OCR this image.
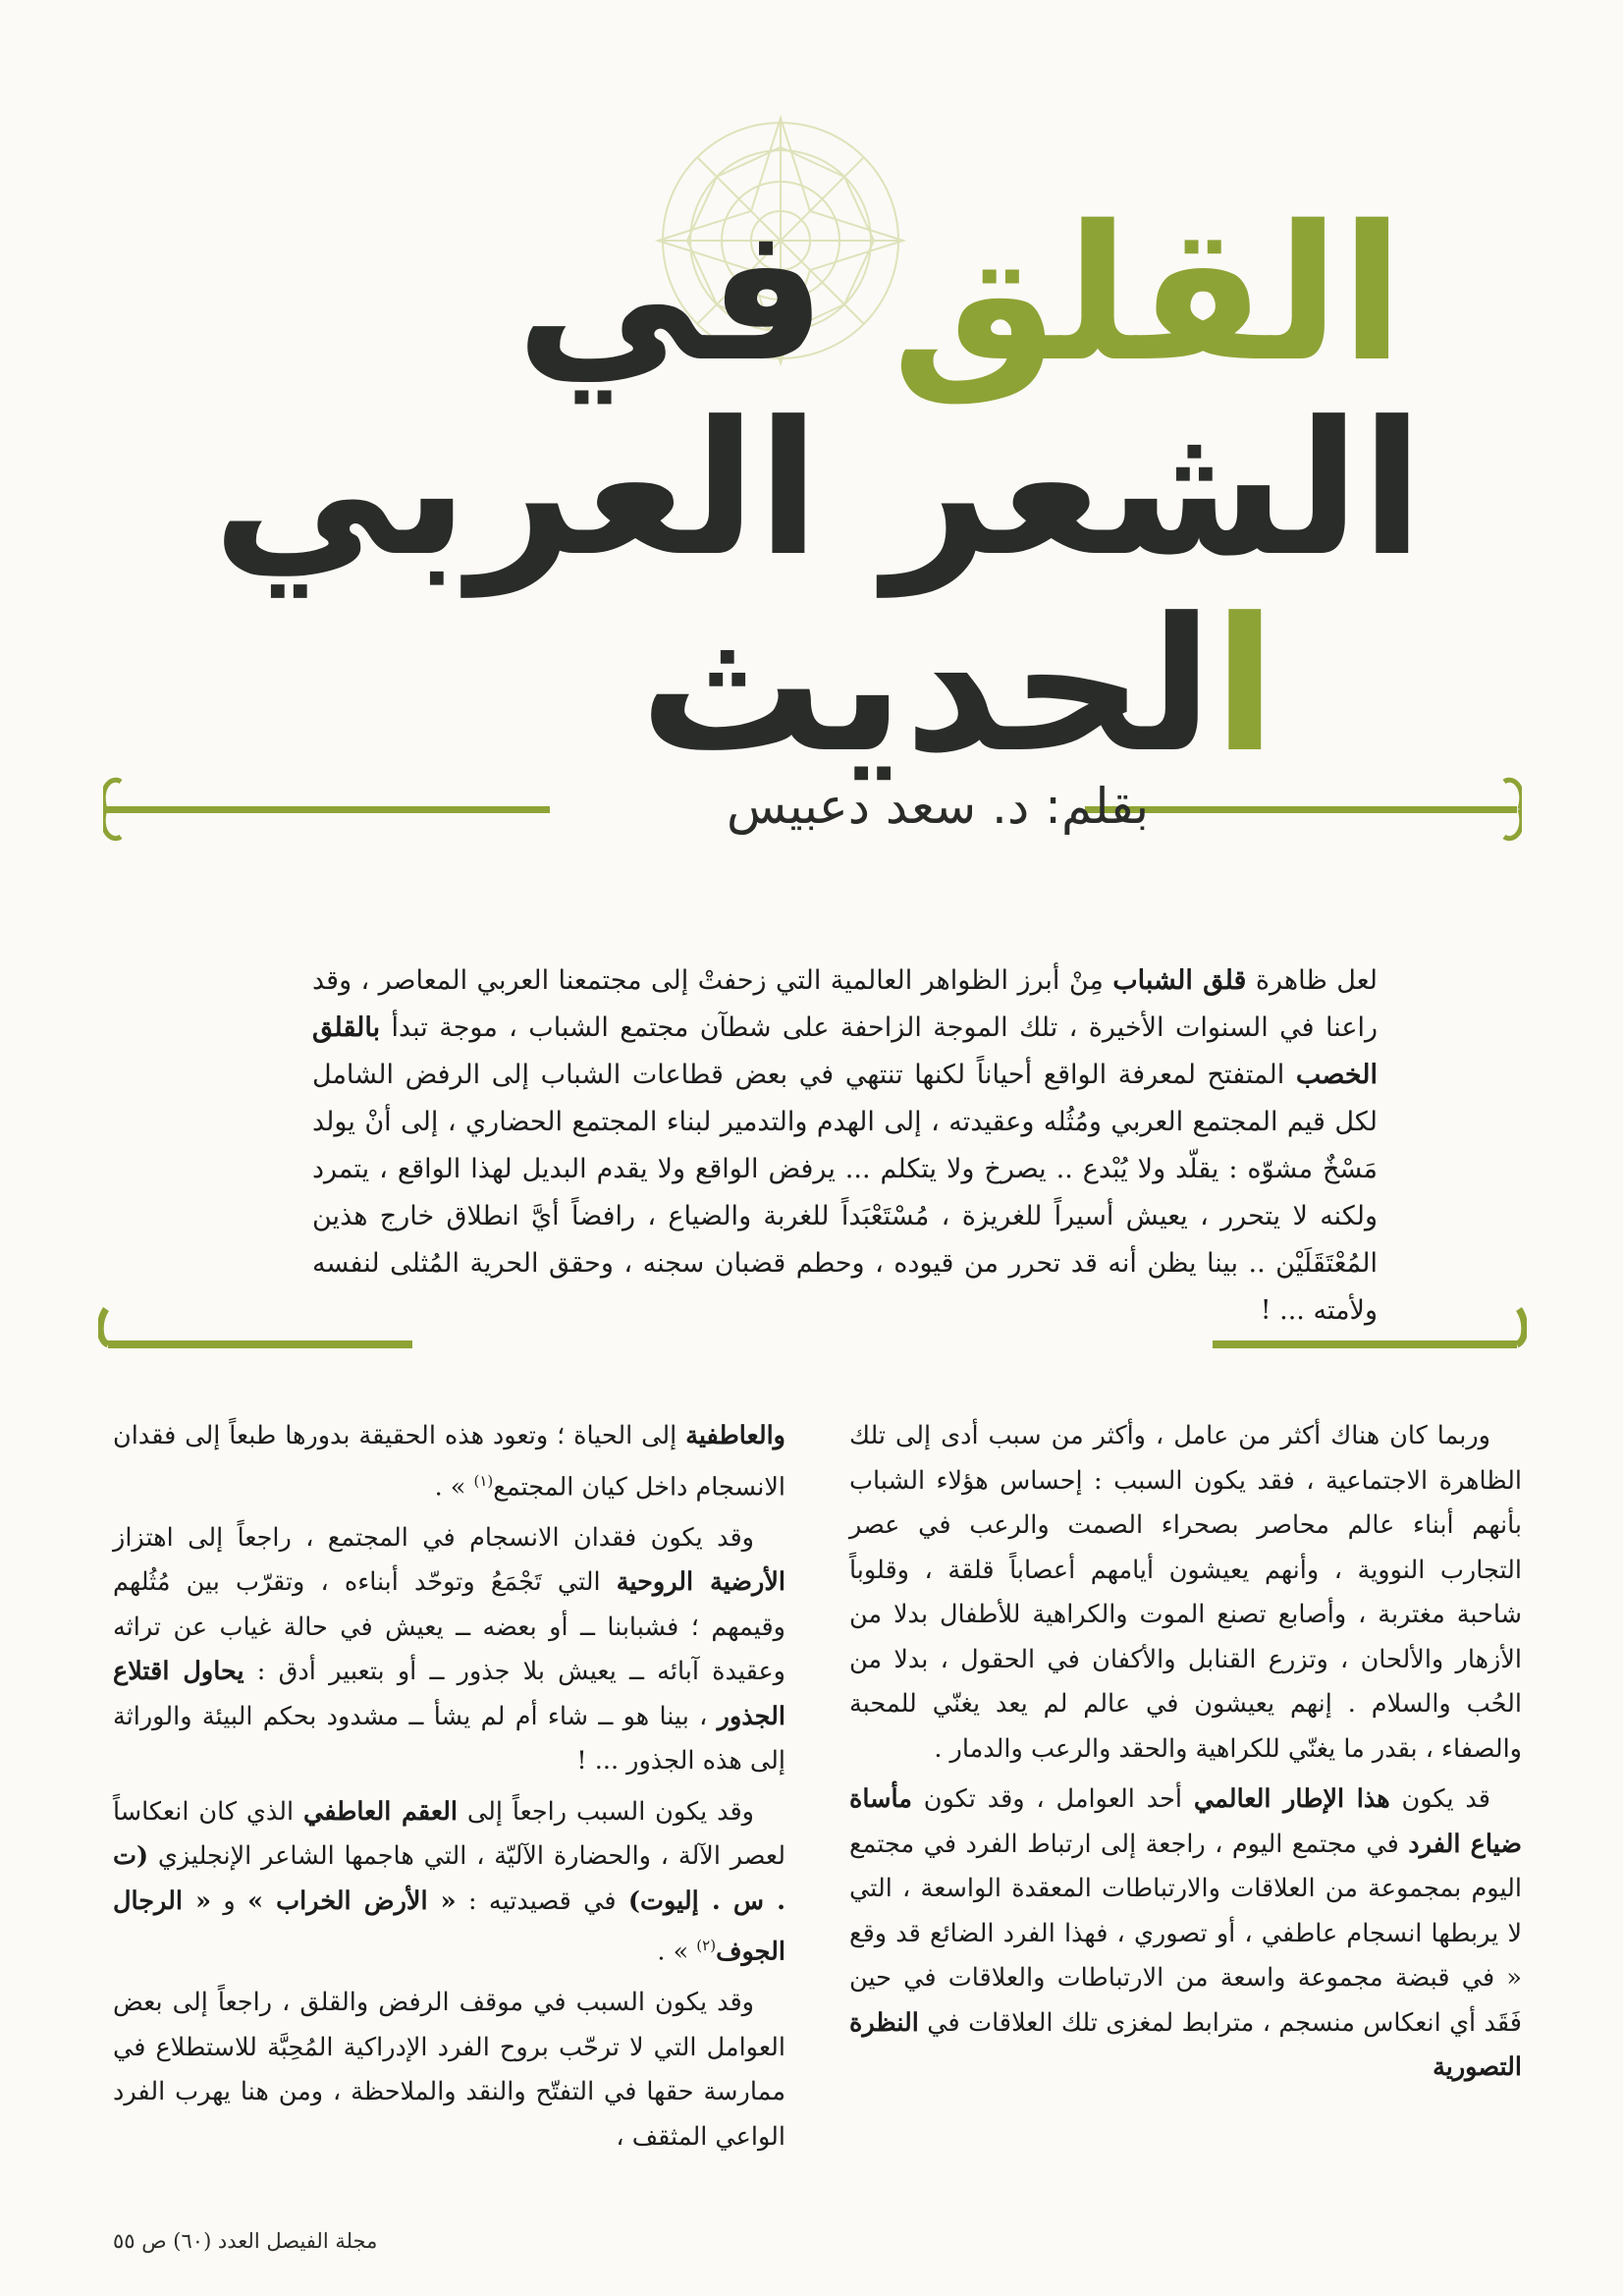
القلق في
الشعر العربي
الحديث
بقلم: د. سعد دعبيس

لعل ظاهرة قلق الشباب مِنْ أبرز الظواهر العالمية التي زحفتْ إلى مجتمعنا العربي المعاصر ، وقد راعنا في السنوات الأخيرة ، تلك الموجة الزاحفة على شطآن مجتمع الشباب ، موجة تبدأ بالقلق الخصب المتفتح لمعرفة الواقع أحياناً لكنها تنتهي في بعض قطاعات الشباب إلى الرفض الشامل لكل قيم المجتمع العربي ومُثُله وعقيدته ، إلى الهدم والتدمير لبناء المجتمع الحضاري ، إلى أنْ يولد مَسْخٌ مشوّه : يقلّد ولا يُبْدع .. يصرخ ولا يتكلم ... يرفض الواقع ولا يقدم البديل لهذا الواقع ، يتمرد ولكنه لا يتحرر ، يعيش أسيراً للغريزة ، مُسْتَعْبَداً للغربة والضياع ، رافضاً أيَّ انطلاق خارج هذين المُعْتَقَلَيْن .. بينا يظن أنه قد تحرر من قيوده ، وحطم قضبان سجنه ، وحقق الحرية المُثلى لنفسه ولأمته ... !

وربما كان هناك أكثر من عامل ، وأكثر من سبب أدى إلى تلك الظاهرة الاجتماعية ، فقد يكون السبب : إحساس هؤلاء الشباب بأنهم أبناء عالم محاصر بصحراء الصمت والرعب في عصر التجارب النووية ، وأنهم يعيشون أيامهم أعصاباً قلقة ، وقلوباً شاحبة مغتربة ، وأصابع تصنع الموت والكراهية للأطفال بدلا من الأزهار والألحان ، وتزرع القنابل والأكفان في الحقول ، بدلا من الحُب والسلام . إنهم يعيشون في عالم لم يعد يغنّي للمحبة والصفاء ، بقدر ما يغنّي للكراهية والحقد والرعب والدمار .

قد يكون هذا الإطار العالمي أحد العوامل ، وقد تكون مأساة ضياع الفرد في مجتمع اليوم ، راجعة إلى ارتباط الفرد في مجتمع اليوم بمجموعة من العلاقات والارتباطات المعقدة الواسعة ، التي لا يربطها انسجام عاطفي ، أو تصوري ، فهذا الفرد الضائع قد وقع « في قبضة مجموعة واسعة من الارتباطات والعلاقات في حين فَقَد أي انعكاس منسجم ، مترابط لمغزى تلك العلاقات في النظرة التصورية

والعاطفية إلى الحياة ؛ وتعود هذه الحقيقة بدورها طبعاً إلى فقدان الانسجام داخل كيان المجتمع$^{(١)}$ » .

وقد يكون فقدان الانسجام في المجتمع ، راجعاً إلى اهتزاز الأرضية الروحية التي تَجْمَعُ وتوحّد أبناءه ، وتقرّب بين مُثُلهم وقيمهم ؛ فشبابنا ــ أو بعضه ــ يعيش في حالة غياب عن تراثه وعقيدة آبائه ــ يعيش بلا جذور ــ أو بتعبير أدق : يحاول اقتلاع الجذور ، بينا هو ــ شاء أم لم يشأ ــ مشدود بحكم البيئة والوراثة إلى هذه الجذور ... !

وقد يكون السبب راجعاً إلى العقم العاطفي الذي كان انعكاساً لعصر الآلة ، والحضارة الآليّة ، التي هاجمها الشاعر الإنجليزي (ت . س . إليوت) في قصيدتيه : « الأرض الخراب » و « الرجال الجوف$^{(٢)}$ » .

وقد يكون السبب في موقف الرفض والقلق ، راجعاً إلى بعض العوامل التي لا ترحّب بروح الفرد الإدراكية المُحِبَّة للاستطلاع في ممارسة حقها في التفتّح والنقد والملاحظة ، ومن هنا يهرب الفرد الواعي المثقف ،

مجلة الفيصل العدد (٦٠) ص ٥٥
